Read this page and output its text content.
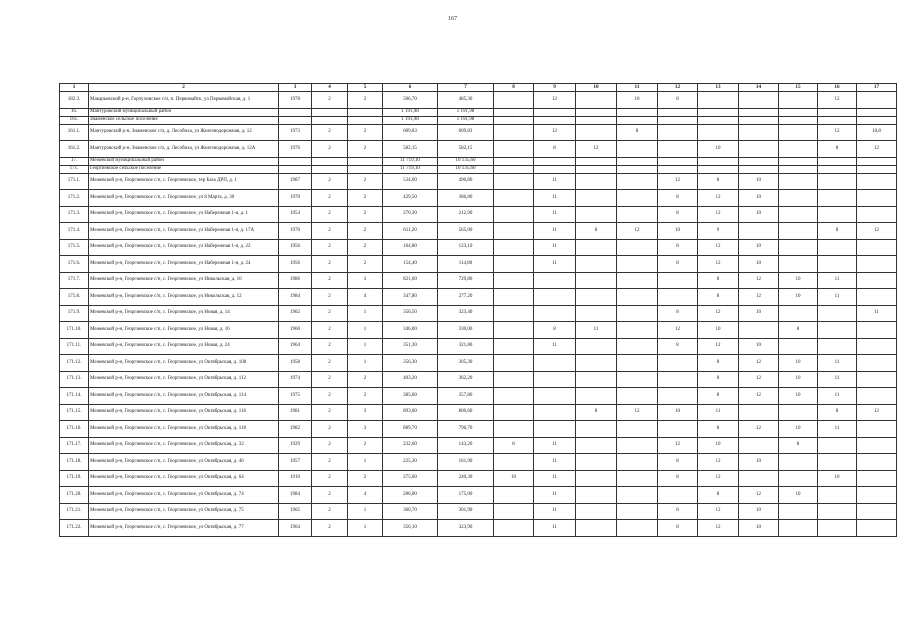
167
1	2	3	4	5	6	7	8	9	10	11	12	13	14	15	16	17
182.3.	Макарьевский р-н, Горчухинское с/п, п. Первомайск, ул Первомайская, д. 1	1978	2	2	506,70	485,30		12		10	8				12	
16.	Мантуровский муниципальный район				1 191,98	1 191,98										
161.	Знаменское сельское поселение				1 191,98	1 191,98										
161.1.	Мантуровский р-н, Знаменское с/п, д. Лесобиха, ул Железнодорожная, д. 12	1973	2	2	609,83	609,83		12		8					12	10,8
161.2.	Мантуровский р-н, Знаменское с/п, д. Лесобиха, ул Железнодорожная, д. 12А	1976	2	2	582,15	582,15		8	12			10			8	12
17.	Межевской муниципальный район				11 719,10	10 135,60										
171.	Георгиевское сельское поселение				11 719,10	10 135,60										
171.1.	Межевской р-н, Георгиевское с/п, с. Георгиевское, тер База ДРП, д. 1	1987	2	2	534,00	490,80		11			12	8	10			
171.2.	Межевской р-н, Георгиевское с/п, с. Георгиевское, ул 8 Марта, д. 30	1970	2	2	429,50	386,80		11			8	12	10			
171.3.	Межевской р-н, Георгиевское с/п, с. Георгиевское, ул Набережная 1-я, д. 1	1954	2	2	270,30	212,90		11			8	12	10			
171.4.	Межевской р-н, Георгиевское с/п, с. Георгиевское, ул Набережная 1-я, д. 17А	1970	2	2	611,20	565,00		11	8	12	10	9			8	12
171.5.	Межевской р-н, Георгиевское с/п, с. Георгиевское, ул Набережная 1-я, д. 22	1956	2	2	164,80	123,10		11			8	12	10			
171.6.	Межевской р-н, Георгиевское с/п, с. Георгиевское, ул Набережная 1-я, д. 24	1956	2	2	154,40	114,80		11			8	12	10			
171.7.	Межевской р-н, Георгиевское с/п, с. Георгиевское, ул Никольская, д. 10	1986	2	3	821,60	729,80						8	12	10	11	
171.8.	Межевской р-н, Георгиевское с/п, с. Георгиевское, ул Никольская, д. 12	1984	2	4	347,80	277,20						8	12	10	11	
171.9.	Межевской р-н, Георгиевское с/п, с. Георгиевское, ул Новая, д. 14	1962	2	1	356,50	323,40					8	12	10			11
171.10.	Межевской р-н, Георгиевское с/п, с. Георгиевское, ул Новая, д. 16	1960	2	1	346,00	330,00		8	11		12	10		8		
171.11.	Межевской р-н, Георгиевское с/п, с. Георгиевское, ул Новая, д. 24	1964	2	1	351,30	321,80		11			8	12	10			
171.12.	Межевской р-н, Георгиевское с/п, с. Георгиевское, ул Октябрьская, д. 108	1958	2	1	356,30	305,30						8	12	10	11	
171.13.	Межевской р-н, Георгиевское с/п, с. Георгиевское, ул Октябрьская, д. 112	1974	2	2	403,20	362,20						8	12	10	11	
171.14.	Межевской р-н, Георгиевское с/п, с. Георгиевское, ул Октябрьская, д. 114	1975	2	2	385,60	357,80						8	12	10	11	
171.15.	Межевской р-н, Георгиевское с/п, с. Георгиевское, ул Октябрьская, д. 116	1981	2	3	893,60	800,60			8	12	10	11			8	12
171.16.	Межевской р-н, Георгиевское с/п, с. Георгиевское, ул Октябрьская, д. 118	1982	2	3	889,70	796,70						8	12	10	11	
171.17.	Межевской р-н, Георгиевское с/п, с. Георгиевское, ул Октябрьская, д. 32	1929	2	2	232,60	143,20	8	11			12	10		8		
171.18.	Межевской р-н, Георгиевское с/п, с. Георгиевское, ул Октябрьская, д. 46	1957	2	1	225,30	161,90		11			8	12	10			
171.19.	Межевской р-н, Георгиевское с/п, с. Георгиевское, ул Октябрьская, д. 64	1910	2	2	275,60	240,30	10	11			8	12			10	
171.20.	Межевской р-н, Георгиевское с/п, с. Георгиевское, ул Октябрьская, д. 74	1984	2	4	206,00	175,00		11				8	12	10		
171.21.	Межевской р-н, Георгиевское с/п, с. Георгиевское, ул Октябрьская, д. 75	1965	2	1	360,70	301,90		11			8	12	10			
171.22.	Межевской р-н, Георгиевское с/п, с. Георгиевское, ул Октябрьская, д. 77	1964	2	1	356,10	323,90		11			8	12	10			
